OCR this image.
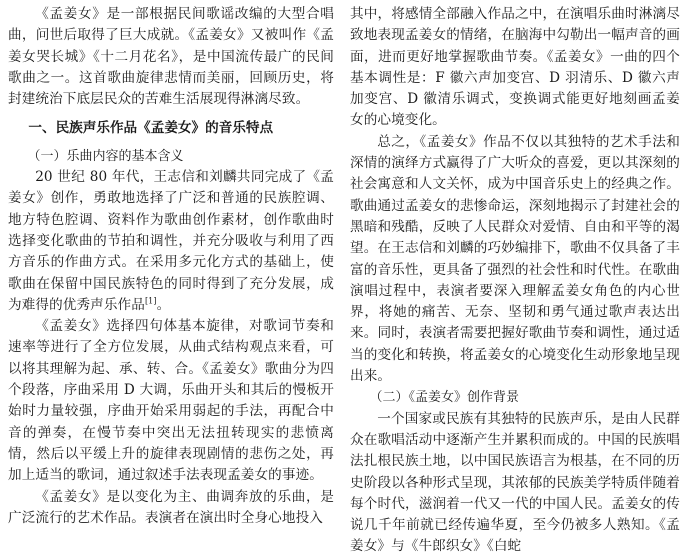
《孟姜女》是一部根据民间歌谣改编的大型合唱曲，问世后取得了巨大成就。《孟姜女》又被叫作《孟姜女哭长城》《十二月花名》，是中国流传最广的民间歌曲之一。这首歌曲旋律悲情而美丽，回顾历史，将封建统治下底层民众的苦难生活展现得淋漓尽致。

一、民族声乐作品《孟姜女》的音乐特点
（一）乐曲内容的基本含义

20 世纪 80 年代，王志信和刘麟共同完成了《孟姜女》创作，勇敢地选择了广泛和普通的民族腔调、地方特色腔调、资料作为歌曲创作素材，创作歌曲时选择变化歌曲的节拍和调性，并充分吸收与利用了西方音乐的作曲方式。在采用多元化方式的基础上，使歌曲在保留中国民族特色的同时得到了充分发展，成为难得的优秀声乐作品[1]。

《孟姜女》选择四句体基本旋律，对歌词节奏和速率等进行了全方位发展，从曲式结构观点来看，可以将其理解为起、承、转、合。《孟姜女》歌曲分为四个段落，序曲采用 D 大调，乐曲开头和其后的慢板开始时力量较强，序曲开始采用弱起的手法，再配合中音的弹奏，在慢节奏中突出无法扭转现实的悲愤离情，然后以平缓上升的旋律表现剧情的悲伤之处，再加上适当的歌词，通过叙述手法表现孟姜女的事迹。

《孟姜女》是以变化为主、曲调奔放的乐曲，是广泛流行的艺术作品。表演者在演出时全身心地投入

其中，将感情全部融入作品之中，在演唱乐曲时淋漓尽致地表现孟姜女的情绪，在脑海中勾勒出一幅声音的画面，进而更好地掌握歌曲节奏。《孟姜女》一曲的四个基本调性是：F 徽六声加变宫、D 羽清乐、D 徽六声加变宫、D 徽清乐调式，变换调式能更好地刻画孟姜女的心境变化。

总之，《孟姜女》作品不仅以其独特的艺术手法和深情的演绎方式赢得了广大听众的喜爱，更以其深刻的社会寓意和人文关怀，成为中国音乐史上的经典之作。歌曲通过孟姜女的悲惨命运，深刻地揭示了封建社会的黑暗和残酷，反映了人民群众对爱情、自由和平等的渴望。在王志信和刘麟的巧妙编排下，歌曲不仅具备了丰富的音乐性，更具备了强烈的社会性和时代性。在歌曲演唱过程中，表演者要深入理解孟姜女角色的内心世界，将她的痛苦、无奈、坚韧和勇气通过歌声表达出来。同时，表演者需要把握好歌曲节奏和调性，通过适当的变化和转换，将孟姜女的心境变化生动形象地呈现出来。

（二）《孟姜女》创作背景

一个国家或民族有其独特的民族声乐，是由人民群众在歌唱活动中逐渐产生并累积而成的。中国的民族唱法扎根民族土地，以中国民族语言为根基，在不同的历史阶段以各种形式呈现，其浓郁的民族美学特质伴随着每个时代，滋润着一代又一代的中国人民。孟姜女的传说几千年前就已经传遍华夏，至今仍被多人熟知。《孟姜女》与《牛郎织女》《白蛇
